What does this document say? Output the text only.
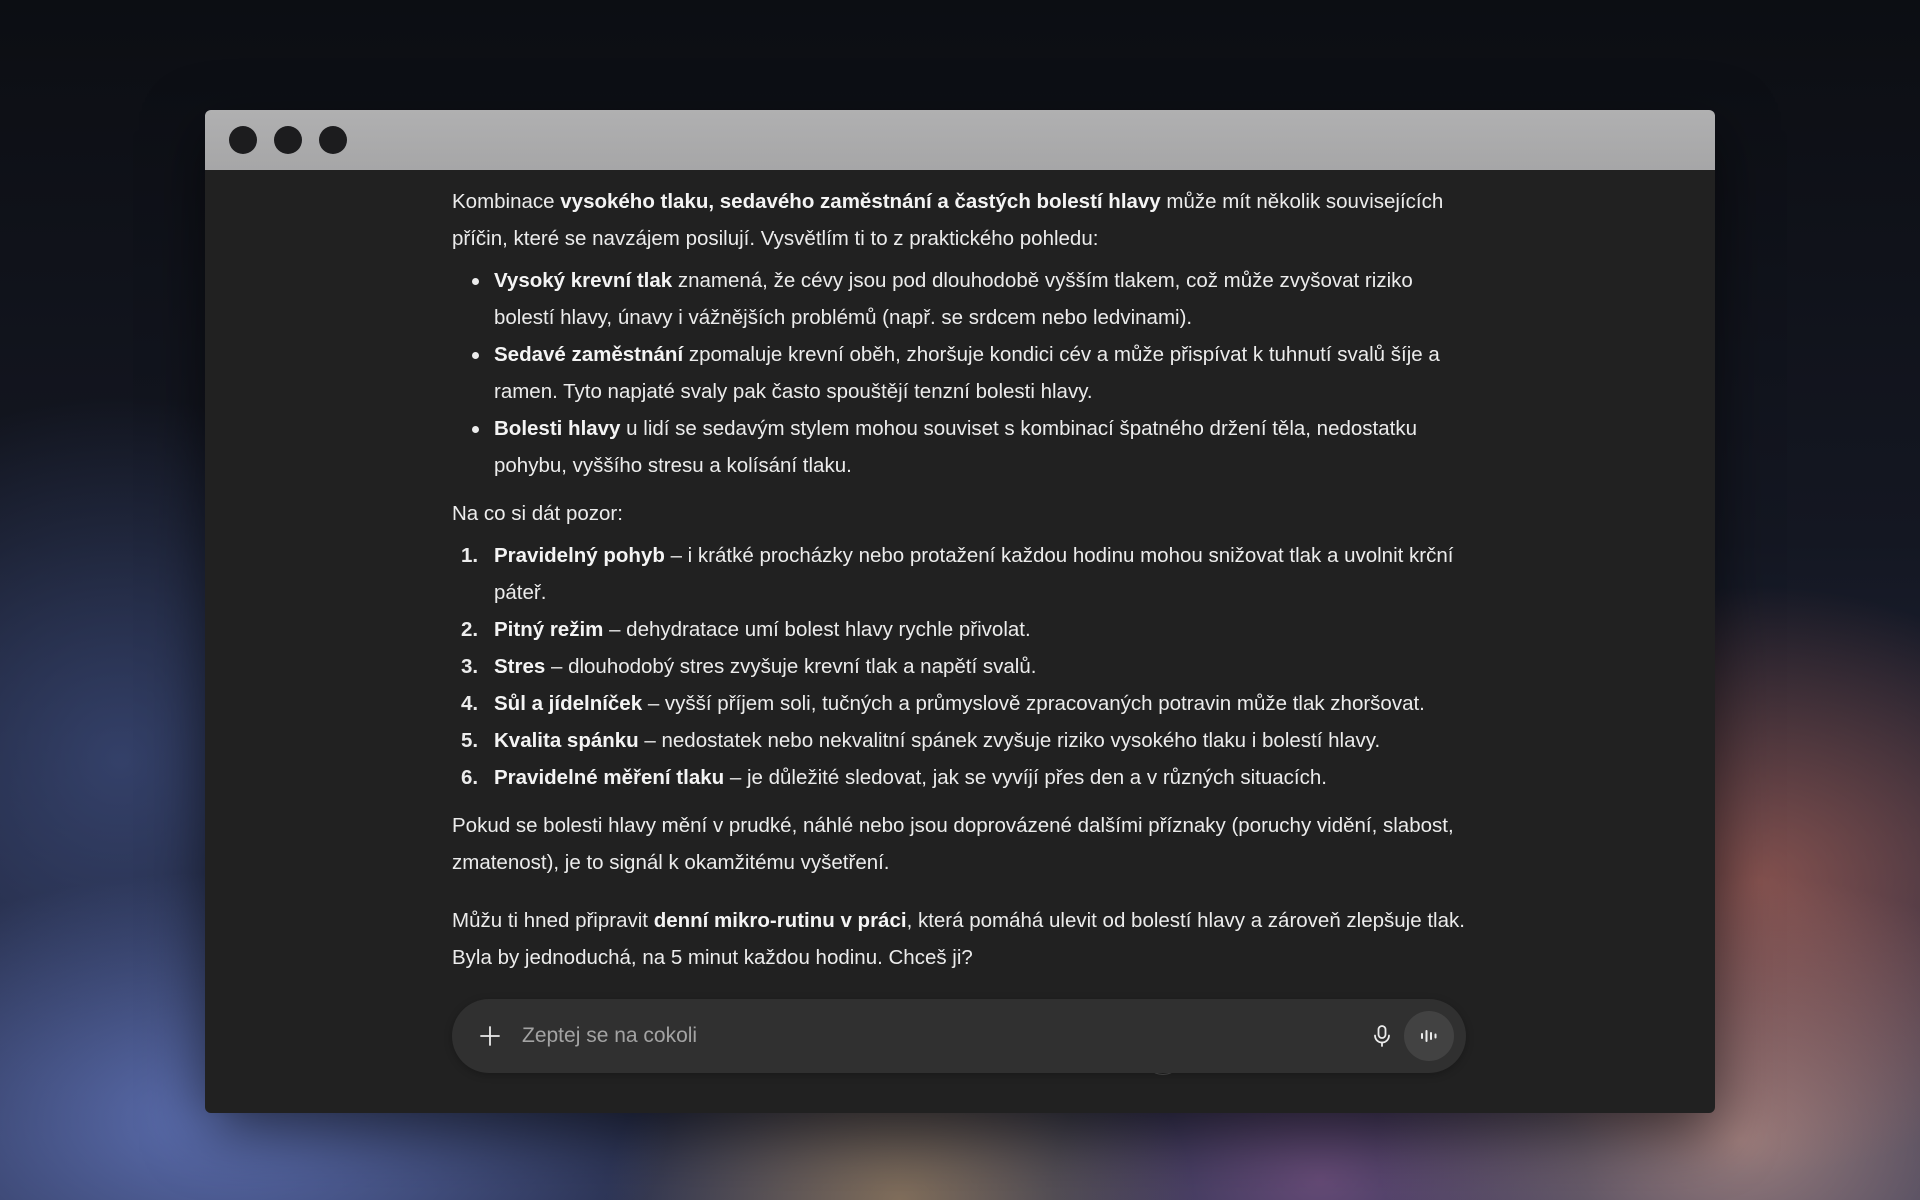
Kombinace vysokého tlaku, sedavého zaměstnání a častých bolestí hlavy může mít několik souvisejících příčin, které se navzájem posilují. Vysvětlím ti to z praktického pohledu:

Vysoký krevní tlak znamená, že cévy jsou pod dlouhodobě vyšším tlakem, což může zvyšovat riziko bolestí hlavy, únavy i vážnějších problémů (např. se srdcem nebo ledvinami).
Sedavé zaměstnání zpomaluje krevní oběh, zhoršuje kondici cév a může přispívat k tuhnutí svalů šíje a ramen. Tyto napjaté svaly pak často spouštějí tenzní bolesti hlavy.
Bolesti hlavy u lidí se sedavým stylem mohou souviset s kombinací špatného držení těla, nedostatku pohybu, vyššího stresu a kolísání tlaku.

Na co si dát pozor:

1. Pravidelný pohyb – i krátké procházky nebo protažení každou hodinu mohou snižovat tlak a uvolnit krční páteř.
2. Pitný režim – dehydratace umí bolest hlavy rychle přivolat.
3. Stres – dlouhodobý stres zvyšuje krevní tlak a napětí svalů.
4. Sůl a jídelníček – vyšší příjem soli, tučných a průmyslově zpracovaných potravin může tlak zhoršovat.
5. Kvalita spánku – nedostatek nebo nekvalitní spánek zvyšuje riziko vysokého tlaku i bolestí hlavy.
6. Pravidelné měření tlaku – je důležité sledovat, jak se vyvíjí přes den a v různých situacích.

Pokud se bolesti hlavy mění v prudké, náhlé nebo jsou doprovázené dalšími příznaky (poruchy vidění, slabost, zmatenost), je to signál k okamžitému vyšetření.

Můžu ti hned připravit denní mikro-rutinu v práci, která pomáhá ulevit od bolestí hlavy a zároveň zlepšuje tlak. Byla by jednoduchá, na 5 minut každou hodinu. Chceš ji?

Zeptej se na cokoli
